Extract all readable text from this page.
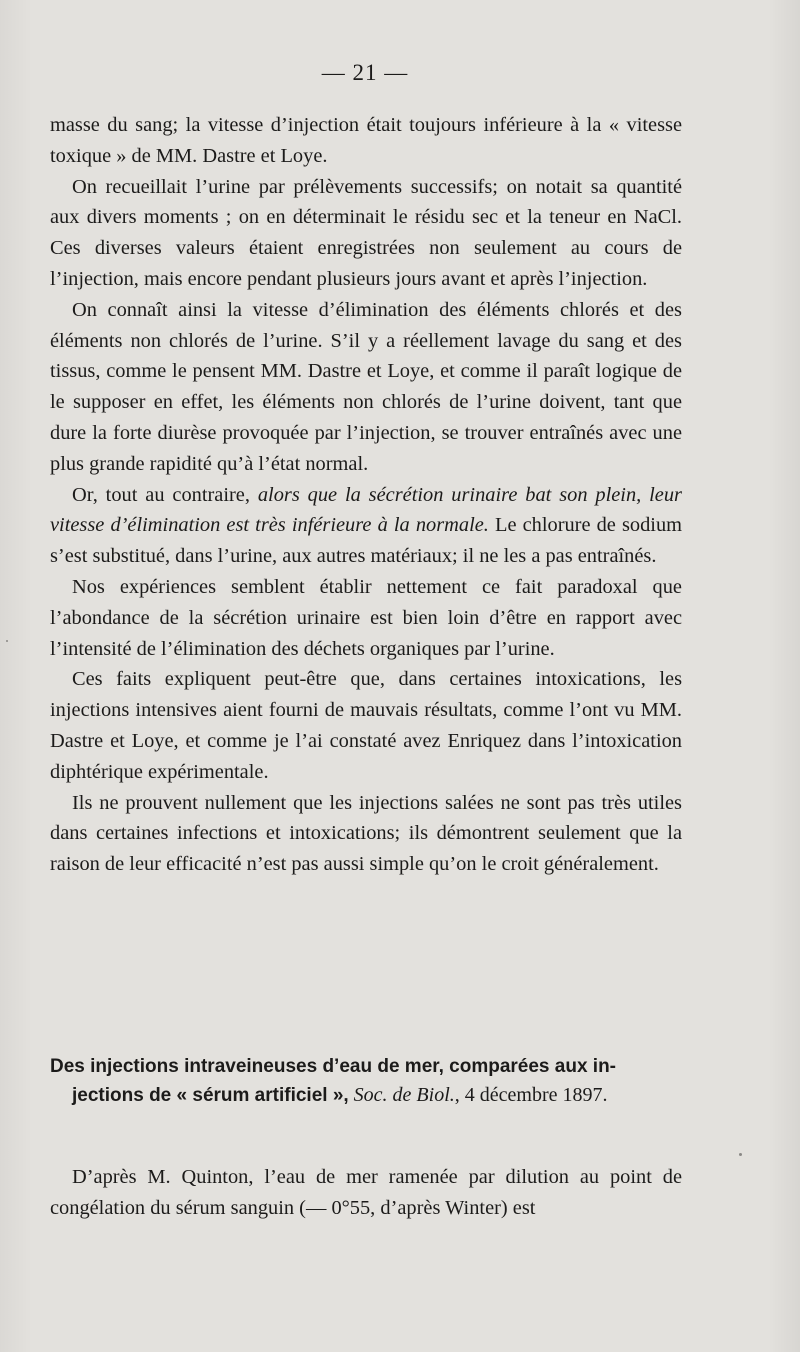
— 21 —

masse du sang; la vitesse d’injection était toujours inférieure à la « vitesse toxique » de MM. Dastre et Loye.

On recueillait l’urine par prélèvements successifs; on notait sa quantité aux divers moments ; on en déterminait le résidu sec et la teneur en NaCl. Ces diverses valeurs étaient enregistrées non seulement au cours de l’injection, mais encore pendant plusieurs jours avant et après l’injection.

On connaît ainsi la vitesse d’élimination des éléments chlorés et des éléments non chlorés de l’urine. S’il y a réellement lavage du sang et des tissus, comme le pensent MM. Dastre et Loye, et comme il paraît logique de le supposer en effet, les éléments non chlorés de l’urine doivent, tant que dure la forte diurèse provoquée par l’injection, se trouver entraînés avec une plus grande rapidité qu’à l’état normal.

Or, tout au contraire, alors que la sécrétion urinaire bat son plein, leur vitesse d’élimination est très inférieure à la normale. Le chlorure de sodium s’est substitué, dans l’urine, aux autres matériaux; il ne les a pas entraînés.

Nos expériences semblent établir nettement ce fait paradoxal que l’abondance de la sécrétion urinaire est bien loin d’être en rapport avec l’intensité de l’élimination des déchets organiques par l’urine.

Ces faits expliquent peut-être que, dans certaines intoxications, les injections intensives aient fourni de mauvais résultats, comme l’ont vu MM. Dastre et Loye, et comme je l’ai constaté avez Enriquez dans l’intoxication diphtérique expérimentale.

Ils ne prouvent nullement que les injections salées ne sont pas très utiles dans certaines infections et intoxications; ils démontrent seulement que la raison de leur efficacité n’est pas aussi simple qu’on le croit généralement.

Des injections intraveineuses d’eau de mer, comparées aux in-
jections de « sérum artificiel », Soc. de Biol., 4 décembre 1897.

D’après M. Quinton, l’eau de mer ramenée par dilution au point de congélation du sérum sanguin (— 0°55, d’après Winter) est
